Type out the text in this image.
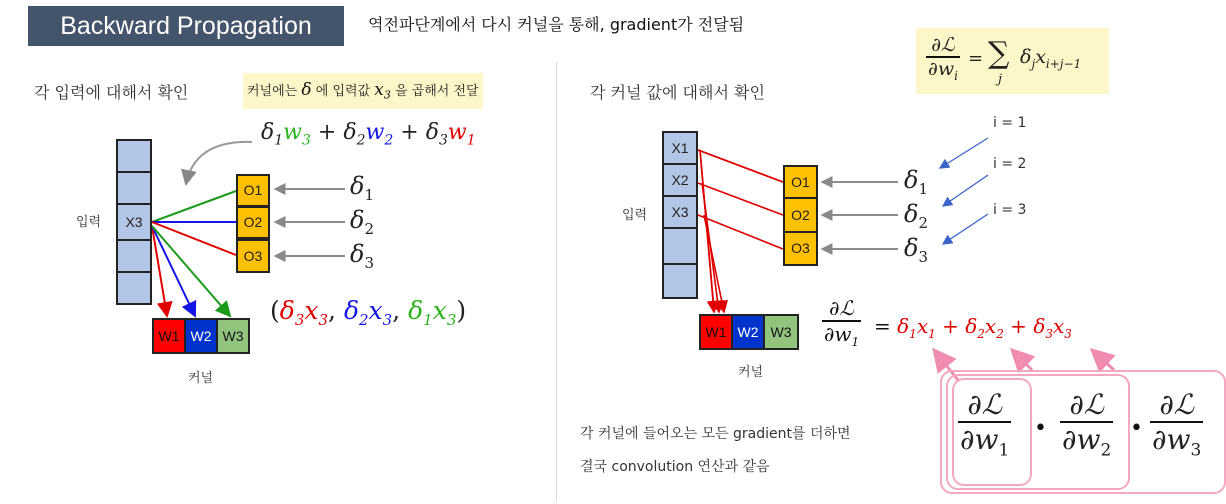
Backward Propagation	역전파단계에서 다시 커널을 통해, gradient가 전달됨
각 입력에 대해서 확인	커널에는 δ 에 입력값 $x_3$ 을 곱해서 전달
$\delta_1w_3 + \delta_2w_2 + \delta_3w_1$
입력	X3
O1
O2
O3
$\delta_1$
$\delta_2$
$\delta_3$
W1 W2 W3
커널
($\delta_3x_3$, $\delta_2x_3$, $\delta_1x_3$)
각 커널 값에 대해서 확인
$\frac{\text{∂ℒ}}{\partial w_i}$ = ∑
j
$\delta_jx_{i+j-1}$
i = 1
i = 2
i = 3
입력
X1
X2
X3
O1
O2
O3
$\delta_1$
$\delta_2$
$\delta_3$
W1 W2 W3
커널
$\frac{\text{∂ℒ}}{\partial w_1} = \delta_1x_1 + \delta_2x_2 + \delta_3x_3$
$\frac{\text{∂ℒ}}{\partial w_1}$ • $\frac{\text{∂ℒ}}{\partial w_2}$ • $\frac{\text{∂ℒ}}{\partial w_3}$
각 커널에 들어오는 모든 gradient를 더하면
결국 convolution 연산과 같음
